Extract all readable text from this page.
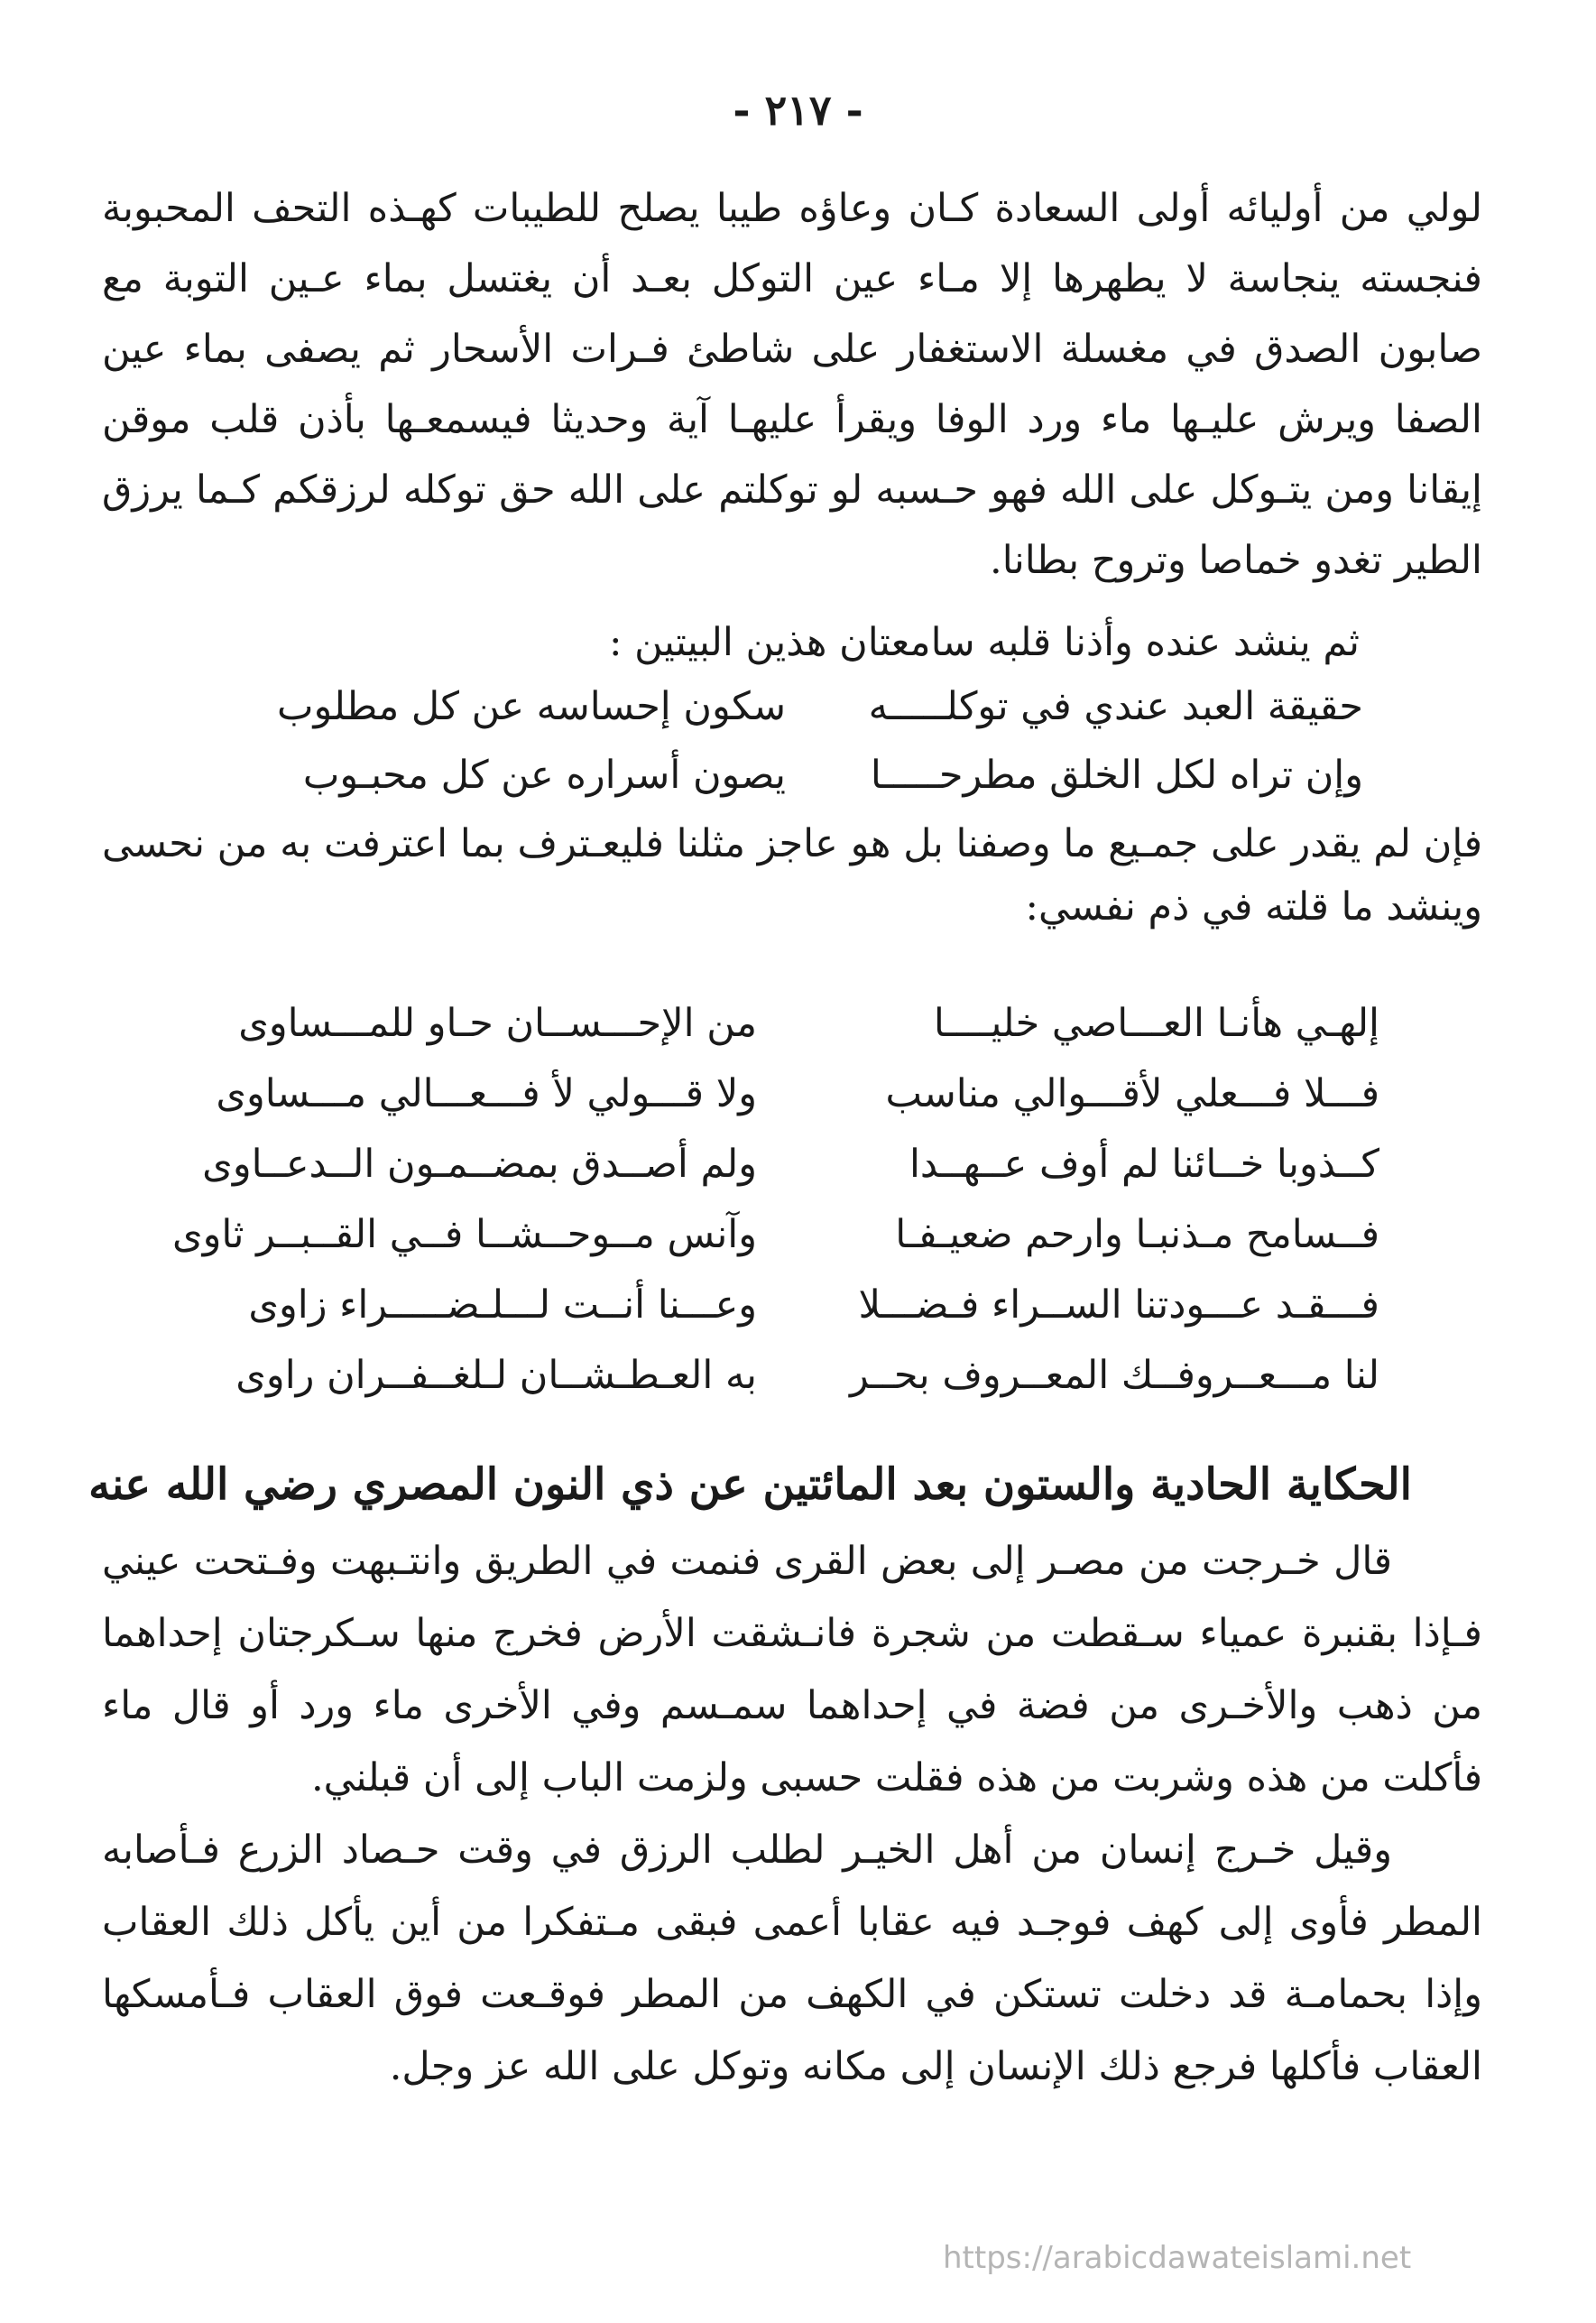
- ٢١٧ -

لولي من أوليائه أولى السعادة كـان وعاؤه طيبا يصلح للطيبات كهـذه التحف المحبوبة فنجسته ينجاسة لا يطهرها إلا مـاء عين التوكل بعـد أن يغتسل بماء عـين التوبة مع صابون الصدق في مغسلة الاستغفار على شاطئ فـرات الأسحار ثم يصفى بماء عين الصفا ويرش عليـها ماء ورد الوفا ويقرأ عليهـا آية وحديثا فيسمعـها بأذن قلب موقن إيقانا ومن يتـوكل على الله فهو حـسبه لو توكلتم على الله حق توكله لرزقكم كـما يرزق الطير تغدو خماصا وتروح بطانا.

ثم ينشد عنده وأذنا قلبه سامعتان هذين البيتين :
حقيقة العبد عندي في توكلـــــه
سكون إحساسه عن كل مطلوب
وإن تراه لكل الخلق مطرحـــــا
يصون أسراره عن كل محبـوب

فإن لم يقدر على جمـيع ما وصفنا بل هو عاجز مثلنا فليعـترف بما اعترفت به من نحسى وينشد ما قلته في ذم نفسي:

إلهـي هأنـا العـــاصي خليــــا
من الإحـــســان حـاو للمـــساوى
فـــلا فـــعلي لأقـــوالي مناسب
ولا قـــولي لأ فـــعـــالي مـــساوى
كــذوبا خــائنا لم أوف عــهــدا
ولم أصــدق بمضــمـون الــدعــاوى
فــسامح مـذنبـا وارحم ضعيـفـا
وآنس مــوحــشــا فــي القــبــر ثاوى
فـــقـد عـــودتنا الســراء فـضـــلا
وعـــنا أنــت لـــلـضـــــراء زاوى
لنا مـــعــروفــك المعــروف بحــر
به العـطـشــان لـلغــفــران راوى
الحكاية الحادية والستون بعد المائتين عن ذي النون المصري رضي الله عنه

قال خـرجت من مصـر إلى بعض القرى فنمت في الطريق وانتـبهت وفـتحت عيني فـإذا بقنبرة عمياء سـقطت من شجرة فانـشقت الأرض فخرج منها سـكرجتان إحداهما من ذهب والأخـرى من فضة في إحداهما سمـسم وفي الأخرى ماء ورد أو قال ماء فأكلت من هذه وشربت من هذه فقلت حسبى ولزمت الباب إلى أن قبلني.

وقيل خـرج إنسان من أهل الخيـر لطلب الرزق في وقت حـصاد الزرع فـأصابه المطر فأوى إلى كهف فوجـد فيه عقابا أعمى فبقى مـتفكرا من أين يأكل ذلك العقاب وإذا بحمامـة قد دخلت تستكن في الكهف من المطر فوقـعت فوق العقاب فـأمسكها العقاب فأكلها فرجع ذلك الإنسان إلى مكانه وتوكل على الله عز وجل.

https://arabicdawateislami.net
